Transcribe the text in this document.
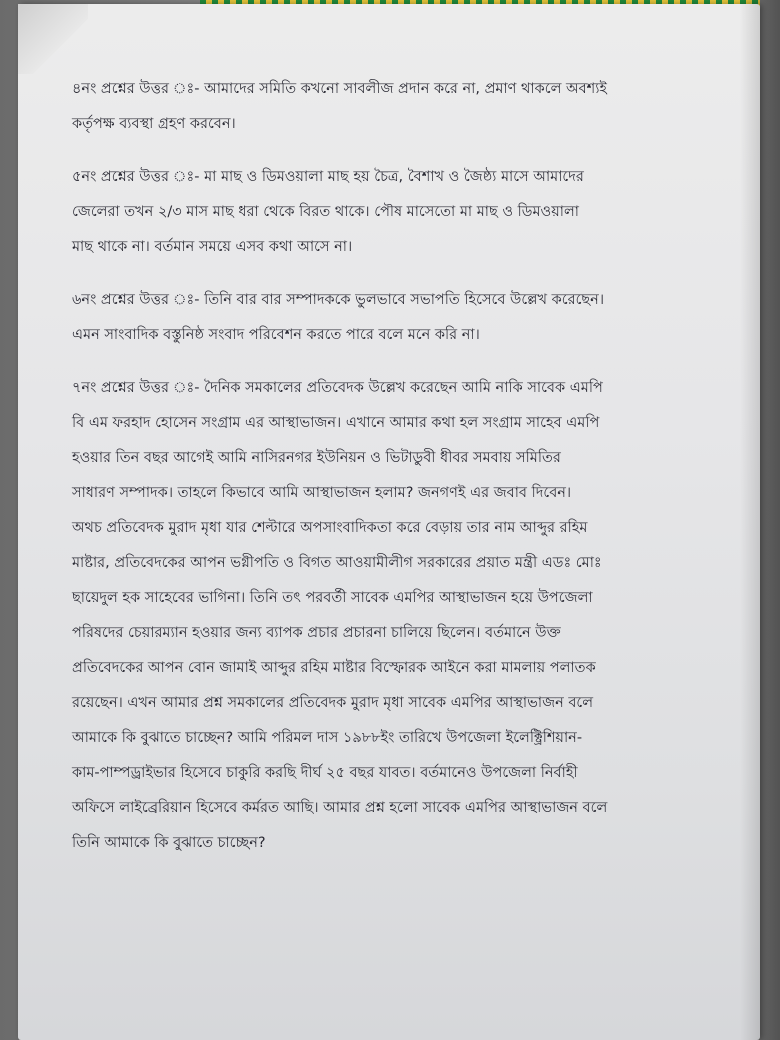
৪নং প্রশ্নের উত্তর ঃ- আমাদের সমিতি কখনো সাবলীজ প্রদান করে না, প্রমাণ থাকলে অবশ্যই
কর্তৃপক্ষ ব্যবস্থা গ্রহণ করবেন।

৫নং প্রশ্নের উত্তর ঃ- মা মাছ ও ডিমওয়ালা মাছ হয় চৈত্র, বৈশাখ ও জৈষ্ঠ্য মাসে আমাদের
জেলেরা তখন ২/৩ মাস মাছ ধরা থেকে বিরত থাকে। পৌষ মাসেতো মা মাছ ও ডিমওয়ালা
মাছ থাকে না। বর্তমান সময়ে এসব কথা আসে না।

৬নং প্রশ্নের উত্তর ঃ- তিনি বার বার সম্পাদককে ভুলভাবে সভাপতি হিসেবে উল্লেখ করেছেন।
এমন সাংবাদিক বস্তুনিষ্ঠ সংবাদ পরিবেশন করতে পারে বলে মনে করি না।

৭নং প্রশ্নের উত্তর ঃ- দৈনিক সমকালের প্রতিবেদক উল্লেখ করেছেন আমি নাকি সাবেক এমপি
বি এম ফরহাদ হোসেন সংগ্রাম এর আস্থাভাজন। এখানে আমার কথা হল সংগ্রাম সাহেব এমপি
হওয়ার তিন বছর আগেই আমি নাসিরনগর ইউনিয়ন ও ভিটাডুবী ধীবর সমবায় সমিতির
সাধারণ সম্পাদক। তাহলে কিভাবে আমি আস্থাভাজন হলাম? জনগণই এর জবাব দিবেন।
অথচ প্রতিবেদক মুরাদ মৃধা যার শেল্টারে অপসাংবাদিকতা করে বেড়ায় তার নাম আব্দুর রহিম
মাষ্টার, প্রতিবেদকের আপন ভগ্নীপতি ও বিগত আওয়ামীলীগ সরকারের প্রয়াত মন্ত্রী এডঃ মোঃ
ছায়েদুল হক সাহেবের ভাগিনা। তিনি তৎ পরবর্তী সাবেক এমপির আস্থাভাজন হয়ে উপজেলা
পরিষদের চেয়ারম্যান হওয়ার জন্য ব্যাপক প্রচার প্রচারনা চালিয়ে ছিলেন। বর্তমানে উক্ত
প্রতিবেদকের আপন বোন জামাই আব্দুর রহিম মাষ্টার বিস্ফোরক আইনে করা মামলায় পলাতক
রয়েছেন। এখন আমার প্রশ্ন সমকালের প্রতিবেদক মুরাদ মৃধা সাবেক এমপির আস্থাভাজন বলে
আমাকে কি বুঝাতে চাচ্ছেন? আমি পরিমল দাস ১৯৮৮ইং তারিখে উপজেলা ইলেক্ট্রিশিয়ান-
কাম-পাম্পড্রাইভার হিসেবে চাকুরি করছি দীর্ঘ ২৫ বছর যাবত। বর্তমানেও উপজেলা নির্বাহী
অফিসে লাইব্রেরিয়ান হিসেবে কর্মরত আছি। আমার প্রশ্ন হলো সাবেক এমপির আস্থাভাজন বলে
তিনি আমাকে কি বুঝাতে চাচ্ছেন?
